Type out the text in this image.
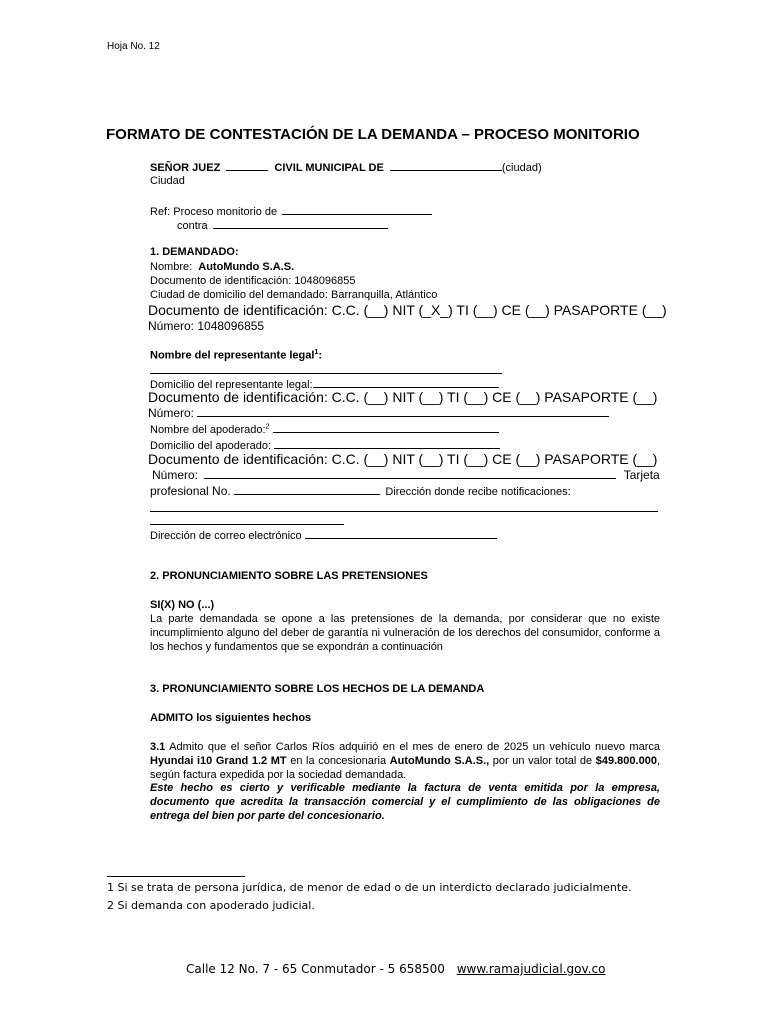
Hoja No. 12
FORMATO DE CONTESTACIÓN DE LA DEMANDA – PROCESO MONITORIO
SEÑOR JUEZ	CIVIL MUNICIPAL DE	(ciudad)
Ciudad
Ref: Proceso monitorio de
contra
1. DEMANDADO:
Nombre: AutoMundo S.A.S.
Documento de identificación: 1048096855
Ciudad de domicilio del demandado: Barranquilla, Atlántico
Documento de identificación: C.C. (__) NIT (_X_) TI (__) CE (__) PASAPORTE (__)
Número: 1048096855
Nombre del representante legal$^1$:
Domicilio del representante legal:
Documento de identificación: C.C. (__) NIT (__) TI (__) CE (__) PASAPORTE (__)
Número:
Nombre del apoderado:$^2$
Domicilio del apoderado:
Documento de identificación: C.C. (__) NIT (__) TI (__) CE (__) PASAPORTE (__)
Número:	Tarjeta
profesional No.	Dirección donde recibe notificaciones:
Dirección de correo electrónico
2. PRONUNCIAMIENTO SOBRE LAS PRETENSIONES
SI(X) NO (...)
La parte demandada se opone a las pretensiones de la demanda, por considerar que no existe incumplimiento alguno del deber de garantía ni vulneración de los derechos del consumidor, conforme a los hechos y fundamentos que se expondrán a continuación
3. PRONUNCIAMIENTO SOBRE LOS HECHOS DE LA DEMANDA
ADMITO los siguientes hechos
3.1 Admito que el señor Carlos Ríos adquirió en el mes de enero de 2025 un vehículo nuevo marca Hyundai i10 Grand 1.2 MT en la concesionaria AutoMundo S.A.S., por un valor total de $49.800.000, según factura expedida por la sociedad demandada.
Este hecho es cierto y verificable mediante la factura de venta emitida por la empresa, documento que acredita la transacción comercial y el cumplimiento de las obligaciones de entrega del bien por parte del concesionario.
1 Si se trata de persona jurídica, de menor de edad o de un interdicto declarado judicialmente.
2 Si demanda con apoderado judicial.
Calle 12 No. 7 - 65 Conmutador - 5 658500 www.ramajudicial.gov.co
